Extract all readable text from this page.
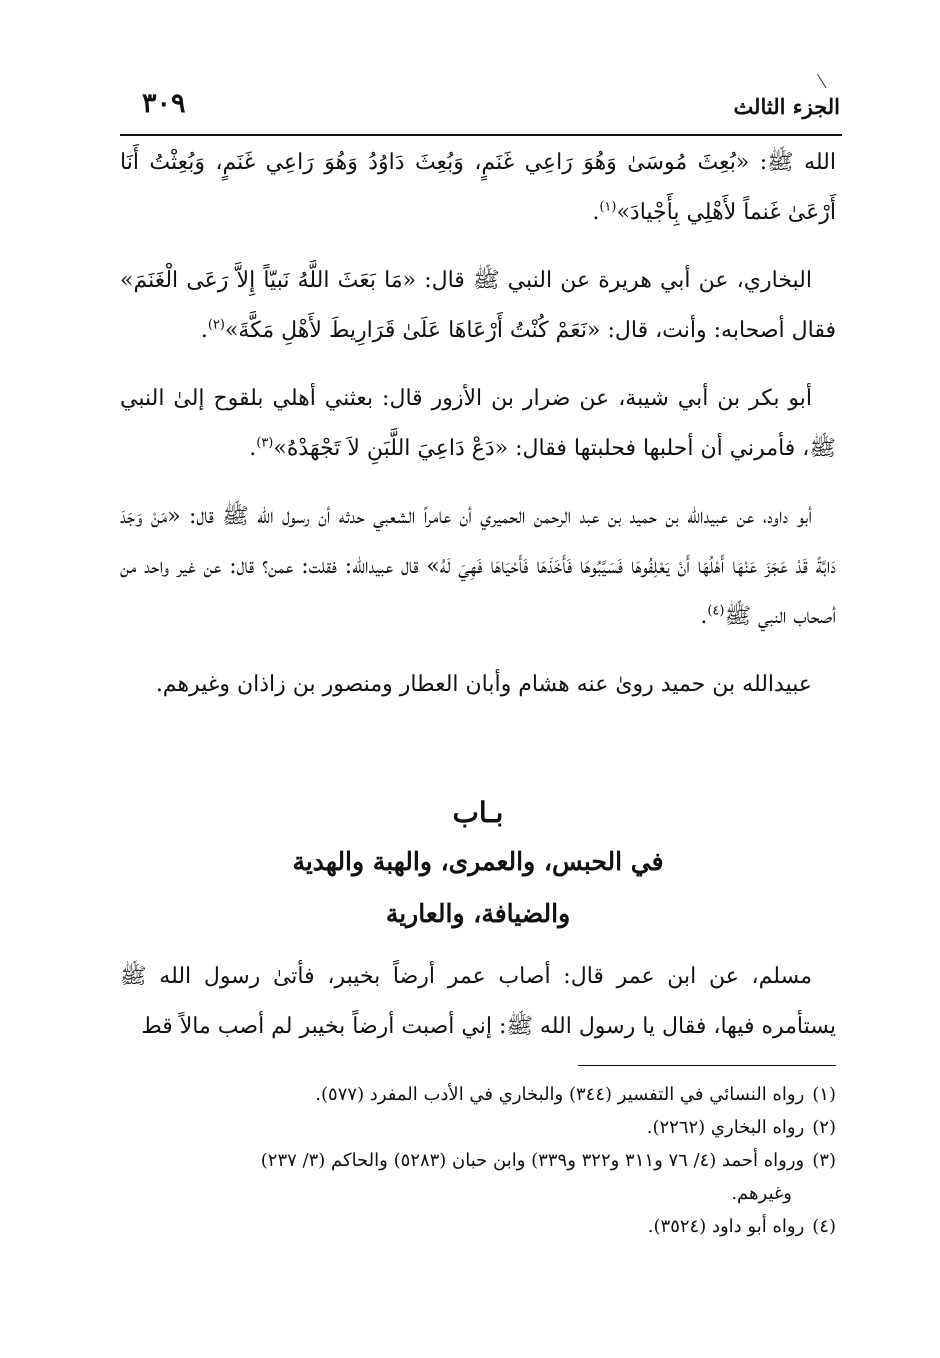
الجزء الثالث
٣٠٩

الله ﷺ: «بُعِثَ مُوسَىٰ وَهُوَ رَاعِي غَنَمٍ، وَبُعِثَ دَاوُدُ وَهُوَ رَاعِي غَنَمٍ، وَبُعِثْتُ أَنَا أَرْعَىٰ غَنماً لأَهْلِي بِأَجْيادَ»$^{(١)}$.

البخاري، عن أبي هريرة عن النبي ﷺ قال: «مَا بَعَثَ اللَّهُ نَبيّاً إِلاَّ رَعَى الْغَنَمَ» فقال أصحابه: وأنت، قال: «نَعَمْ كُنْتُ أَرْعَاهَا عَلَىٰ قَرَارِيطَ لأَهْلِ مَكَّةَ»$^{(٢)}$.

أبو بكر بن أبي شيبة، عن ضرار بن الأزور قال: بعثني أهلي بلقوح إلىٰ النبي ﷺ، فأمرني أن أحلبها فحلبتها فقال: «دَعْ دَاعِيَ اللَّبَنِ لاَ تَجْهَدْهُ»$^{(٣)}$.

أبو داود، عن عبيدالله بن حميد بن عبد الرحمن الحميري أن عامراً الشعبي حدثه أن رسول الله ﷺ قال: «مَنْ وَجَدَ دَابَّةً قَدْ عَجَزَ عَنْهَا أَهْلُهَا أَنْ يَعْلِفُوهَا فَسَيَّبُوهَا فَأَخَذَهَا فَأَحْيَاهَا فَهِيَ لَهُ» قال عبيدالله: فقلت: عمن؟ قال: عن غير واحد من أصحاب النبي ﷺ$^{(٤)}$.

عبيدالله بن حميد روىٰ عنه هشام وأبان العطار ومنصور بن زاذان وغيرهم.

بـاب
في الحبس، والعمرى، والهبة والهدية
والضيافة، والعارية

مسلم، عن ابن عمر قال: أصاب عمر أرضاً بخيبر، فأتىٰ رسول الله ﷺ يستأمره فيها، فقال يا رسول الله ﷺ: إني أصبت أرضاً بخيبر لم أصب مالاً قط

(١)رواه النسائي في التفسير (٣٤٤) والبخاري في الأدب المفرد (٥٧٧).

(٢)رواه البخاري (٢٢٦٢).

(٣)ورواه أحمد (٤/ ٧٦ و٣١١ و٣٢٢ و٣٣٩) وابن حبان (٥٢٨٣) والحاكم (٣/ ٢٣٧)

وغيرهم.

(٤)رواه أبو داود (٣٥٢٤).
